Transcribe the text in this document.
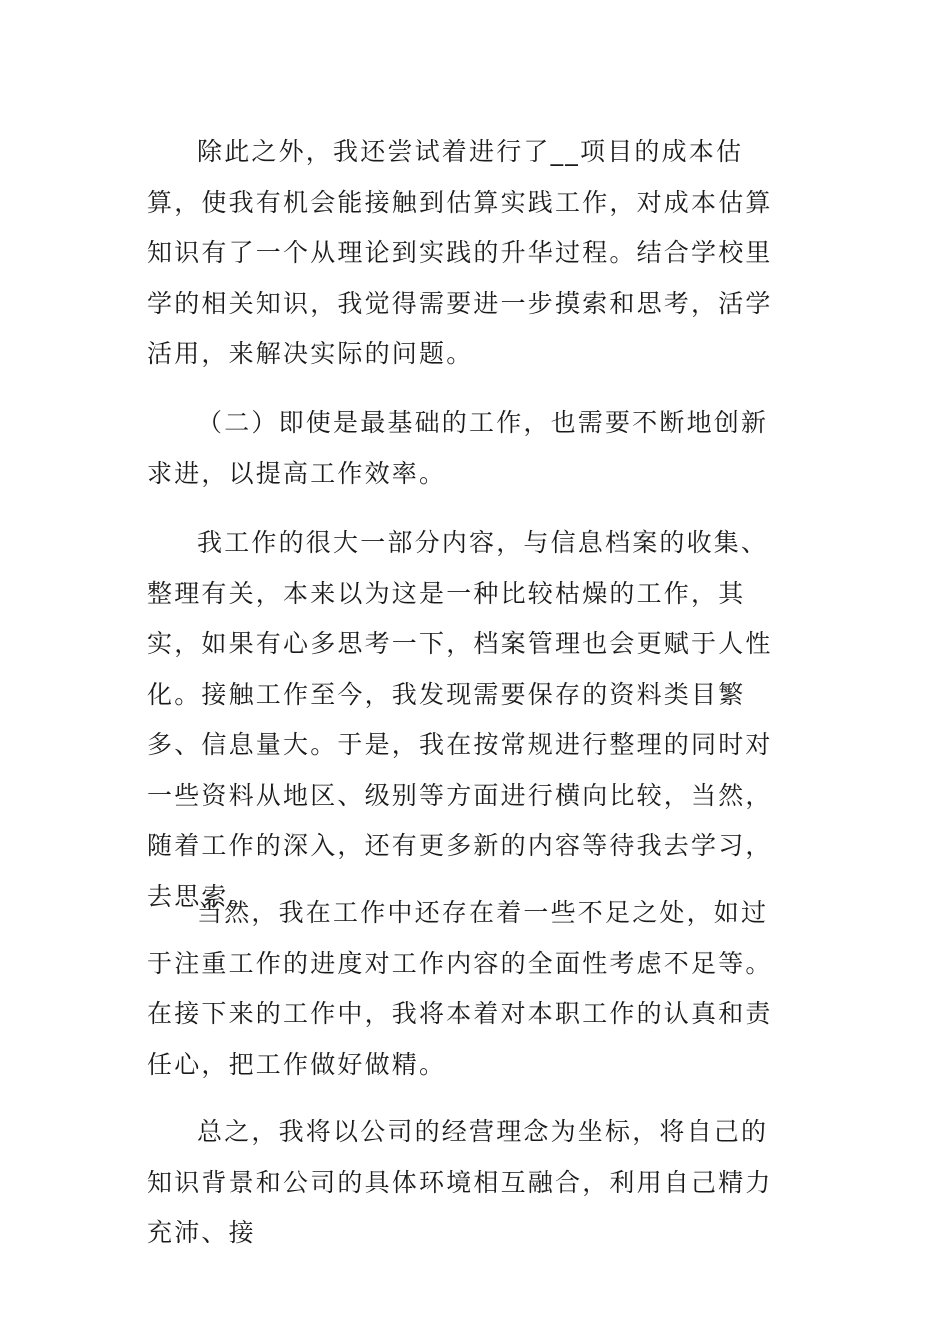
除此之外，我还尝试着进行了__项目的成本估算，使我有机会能接触到估算实践工作，对成本估算知识有了一个从理论到实践的升华过程。结合学校里学的相关知识，我觉得需要进一步摸索和思考，活学活用，来解决实际的问题。

（二）即使是最基础的工作，也需要不断地创新求进，以提高工作效率。

我工作的很大一部分内容，与信息档案的收集、整理有关，本来以为这是一种比较枯燥的工作，其实，如果有心多思考一下，档案管理也会更赋于人性化。接触工作至今，我发现需要保存的资料类目繁多、信息量大。于是，我在按常规进行整理的同时对一些资料从地区、级别等方面进行横向比较，当然，随着工作的深入，还有更多新的内容等待我去学习，去思索。

当然，我在工作中还存在着一些不足之处，如过于注重工作的进度对工作内容的全面性考虑不足等。在接下来的工作中，我将本着对本职工作的认真和责任心，把工作做好做精。

总之，我将以公司的经营理念为坐标，将自己的知识背景和公司的具体环境相互融合，利用自己精力充沛、接
